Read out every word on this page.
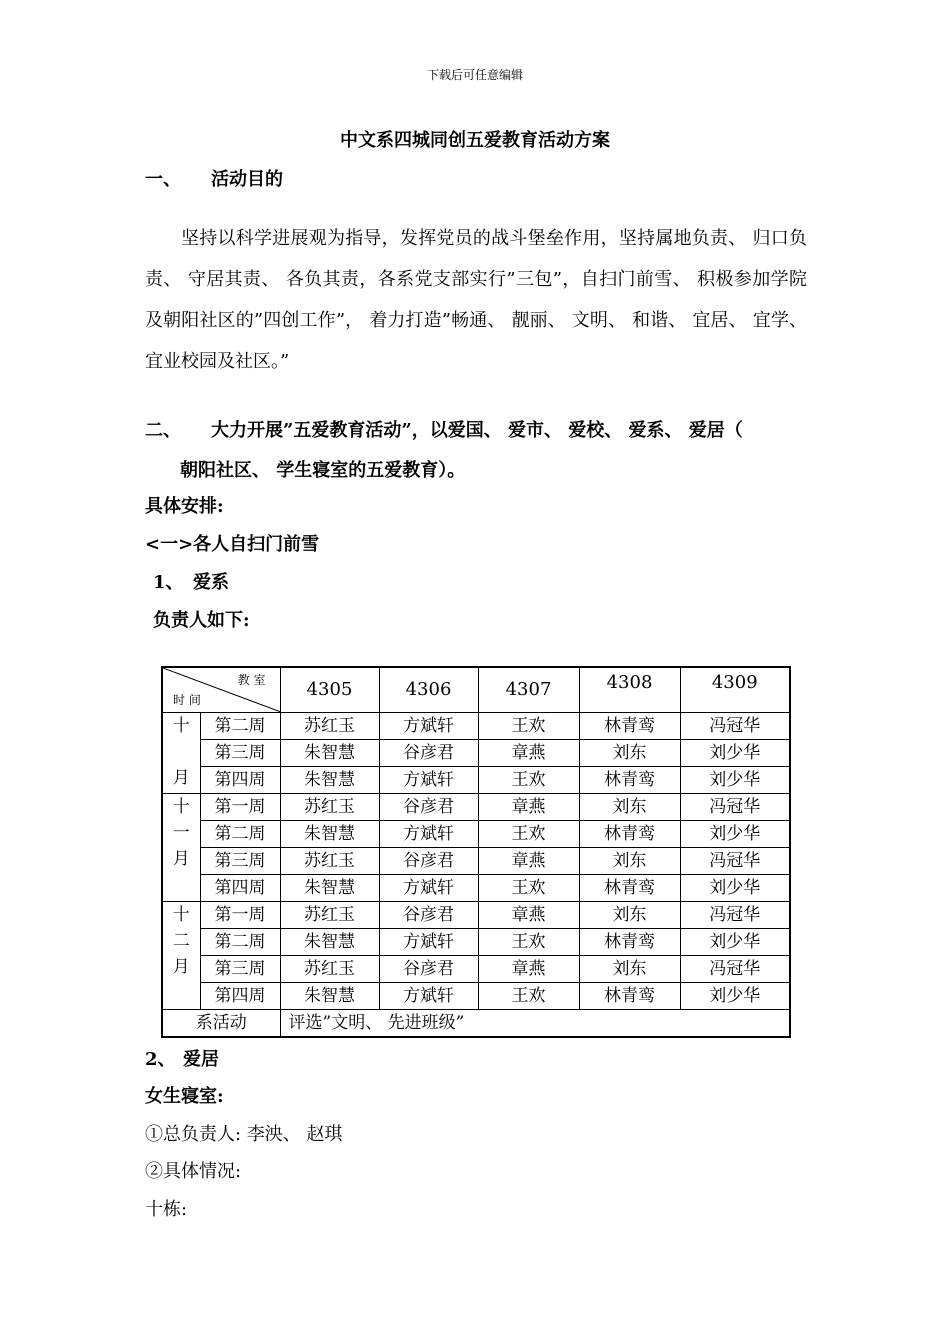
下载后可任意编辑
中文系四城同创五爱教育活动方案
一、 活动目的
坚持以科学进展观为指导，发挥党员的战斗堡垒作用，坚持属地负责、 归口负责、 守居其责、 各负其责，各系党支部实行”三包”，自扫门前雪、 积极参加学院及朝阳社区的”四创工作”， 着力打造”畅通、 靓丽、 文明、 和谐、 宜居、 宜学、 宜业校园及社区。”
二、 大力开展”五爱教育活动”，以爱国、 爱市、 爱校、 爱系、 爱居（
朝阳社区、 学生寝室的五爱教育）。
具体安排:
<一>各人自扫门前雪
1、 爱系
负责人如下:
教 室
时 间		4305	4306	4307	4308	4309
十

月	第二周	苏红玉	方斌轩	王欢	林青鸾	冯冠华
	第三周	朱智慧	谷彦君	章燕	刘东	刘少华
	第四周	朱智慧	方斌轩	王欢	林青鸾	刘少华
十
一
月	第一周	苏红玉	谷彦君	章燕	刘东	冯冠华
	第二周	朱智慧	方斌轩	王欢	林青鸾	刘少华
	第三周	苏红玉	谷彦君	章燕	刘东	冯冠华
	第四周	朱智慧	方斌轩	王欢	林青鸾	刘少华
十
二
月	第一周	苏红玉	谷彦君	章燕	刘东	冯冠华
	第二周	朱智慧	方斌轩	王欢	林青鸾	刘少华
	第三周	苏红玉	谷彦君	章燕	刘东	冯冠华
	第四周	朱智慧	方斌轩	王欢	林青鸾	刘少华
系活动		评选”文明、 先进班级”				
2、 爱居
女生寝室:
①总负责人: 李泱、 赵琪
②具体情况:
十栋:
